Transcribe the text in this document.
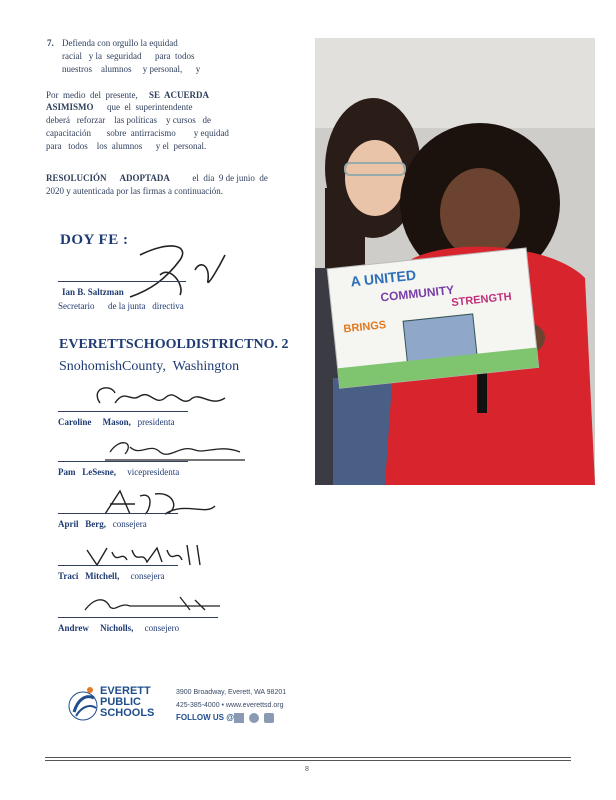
7. Defienda con orgullo la equidad
racial   y la  seguridad      para  todos
nuestros    alumnos     y personal,      y
Por  medio  del  presente, SE  ACUERDA
ASIMISMO que  el  superintendente
deberá   reforzar    las políticas    y cursos   de
capacitación       sobre  antirracismo        y equidad
para   todos    los  alumnos      y el  personal.
RESOLUCIÓN      ADOPTADA	el  día  9 de junio  de
2020 y autenticada por las firmas a continuación.
DOY FE :
Ian B. Saltzman
Secretario      de la junta   directiva
EVERETTSCHOOLDISTRICTNO. 2
SnohomishCounty,  Washington
Caroline     Mason, presidenta
Pam   LeSesne, vicepresidenta
April   Berg, consejera
Traci   Mitchell, consejera
Andrew     Nicholls, consejero
A UNITED
COMMUNITY
BRINGS
STRENGTH
EVERETT
PUBLIC
SCHOOLS
3900 Broadway, Everett, WA 98201
425-385-4000 • www.everettsd.org
FOLLOW US @
8
